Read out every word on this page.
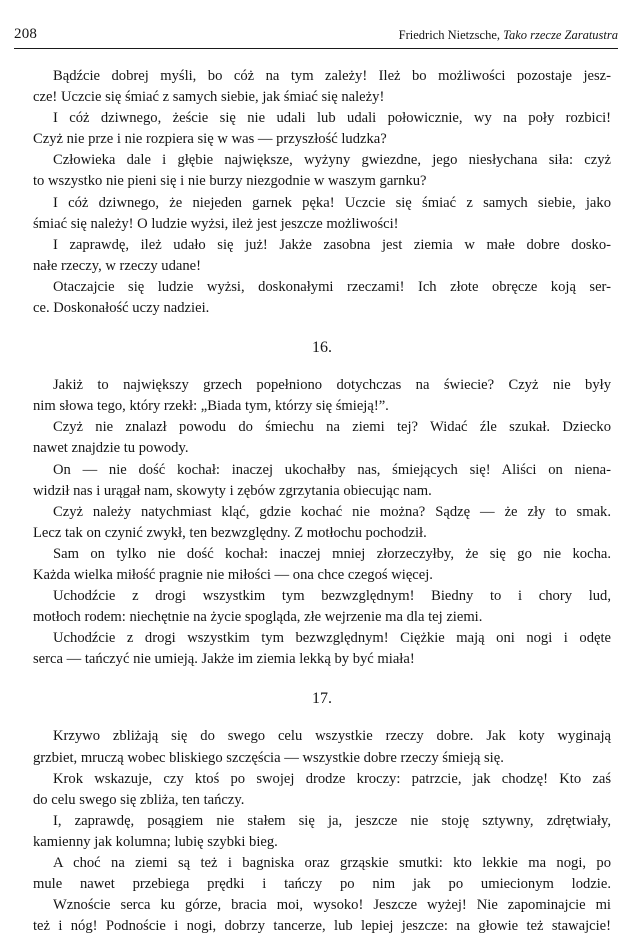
208	Friedrich Nietzsche, Tako rzecze Zaratustra
Bądźcie dobrej myśli, bo cóż na tym zależy! Ileż bo możliwości pozostaje jesz-
cze! Uczcie się śmiać z samych siebie, jak śmiać się należy!
I cóż dziwnego, żeście się nie udali lub udali połowicznie, wy na poły rozbici!
Czyż nie prze i nie rozpiera się w was — przyszłość ludzka?
Człowieka dale i głębie największe, wyżyny gwiezdne, jego niesłychana siła: czyż
to wszystko nie pieni się i nie burzy niezgodnie w waszym garnku?
I cóż dziwnego, że niejeden garnek pęka! Uczcie się śmiać z samych siebie, jako
śmiać się należy! O ludzie wyżsi, ileż jest jeszcze możliwości!
I zaprawdę, ileż udało się już! Jakże zasobna jest ziemia w małe dobre dosko-
nałe rzeczy, w rzeczy udane!
Otaczajcie się ludzie wyżsi, doskonałymi rzeczami! Ich złote obręcze koją ser-
ce. Doskonałość uczy nadziei.
16.
Jakiż to największy grzech popełniono dotychczas na świecie? Czyż nie były
nim słowa tego, który rzekł: „Biada tym, którzy się śmieją!”.
Czyż nie znalazł powodu do śmiechu na ziemi tej? Widać źle szukał. Dziecko
nawet znajdzie tu powody.
On — nie dość kochał: inaczej ukochałby nas, śmiejących się! Aliści on niena-
widził nas i urągał nam, skowyty i zębów zgrzytania obiecując nam.
Czyż należy natychmiast kląć, gdzie kochać nie można? Sądzę — że zły to smak.
Lecz tak on czynić zwykł, ten bezwzględny. Z motłochu pochodził.
Sam on tylko nie dość kochał: inaczej mniej złorzeczyłby, że się go nie kocha.
Każda wielka miłość pragnie nie miłości — ona chce czegoś więcej.
Uchodźcie z drogi wszystkim tym bezwzględnym! Biedny to i chory lud,
motłoch rodem: niechętnie na życie spogląda, złe wejrzenie ma dla tej ziemi.
Uchodźcie z drogi wszystkim tym bezwzględnym! Ciężkie mają oni nogi i odęte
serca — tańczyć nie umieją. Jakże im ziemia lekką by być miała!
17.
Krzywo zbliżają się do swego celu wszystkie rzeczy dobre. Jak koty wyginają
grzbiet, mruczą wobec bliskiego szczęścia — wszystkie dobre rzeczy śmieją się.
Krok wskazuje, czy ktoś po swojej drodze kroczy: patrzcie, jak chodzę! Kto zaś
do celu swego się zbliża, ten tańczy.
I, zaprawdę, posągiem nie stałem się ja, jeszcze nie stoję sztywny, zdrętwiały,
kamienny jak kolumna; lubię szybki bieg.
A choć na ziemi są też i bagniska oraz grząskie smutki: kto lekkie ma nogi, po
mule nawet przebiega prędki i tańczy po nim jak po umieciony​m lodzie.
Wznoście serca ku górze, bracia moi, wysoko! Jeszcze wyżej! Nie zapominajcie mi
też i nóg! Podnoście i nogi, dobrzy tancerze, lub lepiej jeszcze: na głowie też stawajcie!
